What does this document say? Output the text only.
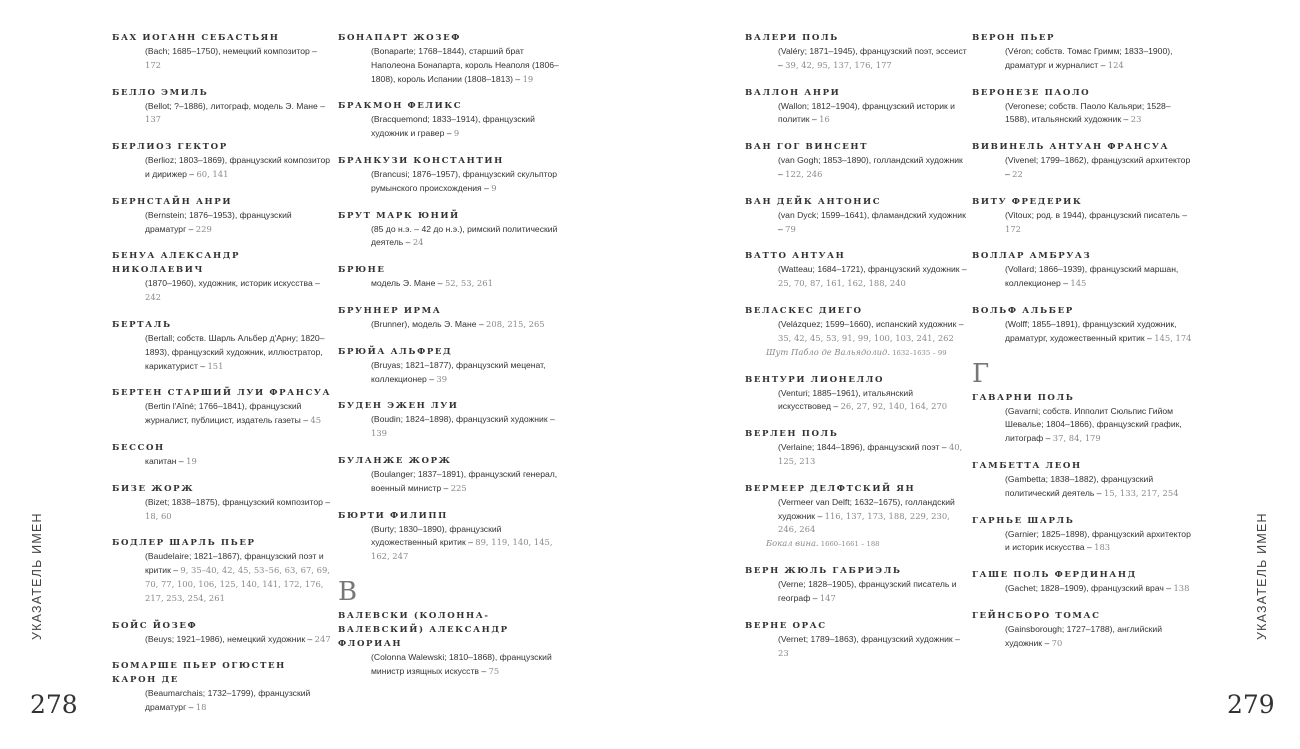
БАХ ИОГАНН СЕБАСТЬЯН
(Bach; 1685–1750), немецкий композитор – 172
БЕЛЛО ЭМИЛЬ
(Bellot; ?–1886), литограф, модель Э. Мане – 137
БЕРЛИОЗ ГЕКТОР
(Berlioz; 1803–1869), французский композитор и дирижер – 60, 141
БЕРНСТАЙН АНРИ
(Bernstein; 1876–1953), французский драматург – 229
БЕНУА АЛЕКСАНДР НИКОЛАЕВИЧ
(1870–1960), художник, историк искусства – 242
БЕРТАЛЬ
(Bertall; собств. Шарль Альбер д'Арну; 1820–1893), французский художник, иллюстратор, карикатурист – 151
БЕРТЕН СТАРШИЙ ЛУИ ФРАНСУА
(Bertin l'Aîné; 1766–1841), французский журналист, публицист, издатель газеты – 45
БЕССОН
капитан – 19
БИЗЕ ЖОРЖ
(Bizet; 1838–1875), французский композитор – 18, 60
БОДЛЕР ШАРЛЬ ПЬЕР
(Baudelaire; 1821–1867), французский поэт и критик – 9, 35–40, 42, 45, 53–56, 63, 67, 69, 70, 77, 100, 106, 125, 140, 141, 172, 176, 217, 253, 254, 261
БОЙС ЙОЗЕФ
(Beuys; 1921–1986), немецкий художник – 247
БОМАРШЕ ПЬЕР ОГЮСТЕН КАРОН ДЕ
(Beaumarchais; 1732–1799), французский драматург – 18
БОНАПАРТ ЖОЗЕФ
(Bonaparte; 1768–1844), старший брат Наполеона Бонапарта, король Неаполя (1806– 1808), король Испании (1808–1813) – 19
БРАКМОН ФЕЛИКС
(Bracquemond; 1833–1914), французский художник и гравер – 9
БРАНКУЗИ КОНСТАНТИН
(Brancusi; 1876–1957), французский скульптор румынского происхождения – 9
БРУТ МАРК ЮНИЙ
(85 до н.э. – 42 до н.э.), римский политический деятель – 24
БРЮНЕ
модель Э. Мане – 52, 53, 261
БРУННЕР ИРМА
(Brunner), модель Э. Мане – 208, 215, 265
БРЮЙА АЛЬФРЕД
(Bruyas; 1821–1877), французский меценат, коллекционер – 39
БУДЕН ЭЖЕН ЛУИ
(Boudin; 1824–1898), французский художник – 139
БУЛАНЖЕ ЖОРЖ
(Boulanger; 1837–1891), французский генерал, военный министр – 225
БЮРТИ ФИЛИПП
(Burty; 1830–1890), французский художественный критик – 89, 119, 140, 145, 162, 247
В
ВАЛЕВСКИ (КОЛОННА-ВАЛЕВСКИЙ) АЛЕКСАНДР ФЛОРИАН
(Colonna Walewski; 1810–1868), французский министр изящных искусств – 75
ВАЛЕРИ ПОЛЬ
(Valéry; 1871–1945), французский поэт, эссеист – 39, 42, 95, 137, 176, 177
ВАЛЛОН АНРИ
(Wallon; 1812–1904), французский историк и политик – 16
ВАН ГОГ ВИНСЕНТ
(van Gogh; 1853–1890), голландский художник – 122, 246
ВАН ДЕЙК АНТОНИС
(van Dyck; 1599–1641), фламандский художник – 79
ВАТТО АНТУАН
(Watteau; 1684–1721), французский художник – 25, 70, 87, 161, 162, 188, 240
ВЕЛАСКЕС ДИЕГО
(Velázquez; 1599–1660), испанский художник – 35, 42, 45, 53, 91, 99, 100, 103, 241, 262
Шут Пабло де Вальядолид. 1632–1635 – 99
ВЕНТУРИ ЛИОНЕЛЛО
(Venturi; 1885–1961), итальянский искусствовед – 26, 27, 92, 140, 164, 270
ВЕРЛЕН ПОЛЬ
(Verlaine; 1844–1896), французский поэт – 40, 125, 213
ВЕРМЕЕР ДЕЛФТСКИЙ ЯН
(Vermeer van Delft; 1632–1675), голландский художник – 116, 137, 173, 188, 229, 230, 246, 264
Бокал вина. 1660–1661 – 188
ВЕРН ЖЮЛЬ ГАБРИЭЛЬ
(Verne; 1828–1905), французский писатель и географ – 147
ВЕРНЕ ОРАС
(Vernet; 1789–1863), французский художник – 23
ВЕРОН ПЬЕР
(Véron; собств. Томас Гримм; 1833–1900), драматург и журналист – 124
ВЕРОНЕЗЕ ПАОЛО
(Veronese; собств. Паоло Кальяри; 1528–1588), итальянский художник – 23
ВИВИНЕЛЬ АНТУАН ФРАНСУА
(Vivenel; 1799–1862), французский архитектор – 22
ВИТУ ФРЕДЕРИК
(Vitoux; род. в 1944), французский писатель – 172
ВОЛЛАР АМБРУАЗ
(Vollard; 1866–1939), французский маршан, коллекционер – 145
ВОЛЬФ АЛЬБЕР
(Wolff; 1855–1891), французский художник, драматург, художественный критик – 145, 174
Г
ГАВАРНИ ПОЛЬ
(Gavarni; собств. Ипполит Сюльпис Гийом Шевалье; 1804–1866), французский график, литограф – 37, 84, 179
ГАМБЕТТА ЛЕОН
(Gambetta; 1838–1882), французский политический деятель – 15, 133, 217, 254
ГАРНЬЕ ШАРЛЬ
(Garnier; 1825–1898), французский архитектор и историк искусства – 183
ГАШЕ ПОЛЬ ФЕРДИНАНД
(Gachet; 1828–1909), французский врач – 138
ГЕЙНСБОРО ТОМАС
(Gainsborough; 1727–1788), английский художник – 70
УКАЗАТЕЛЬ ИМЕН	УКАЗАТЕЛЬ ИМЕН
278	279
